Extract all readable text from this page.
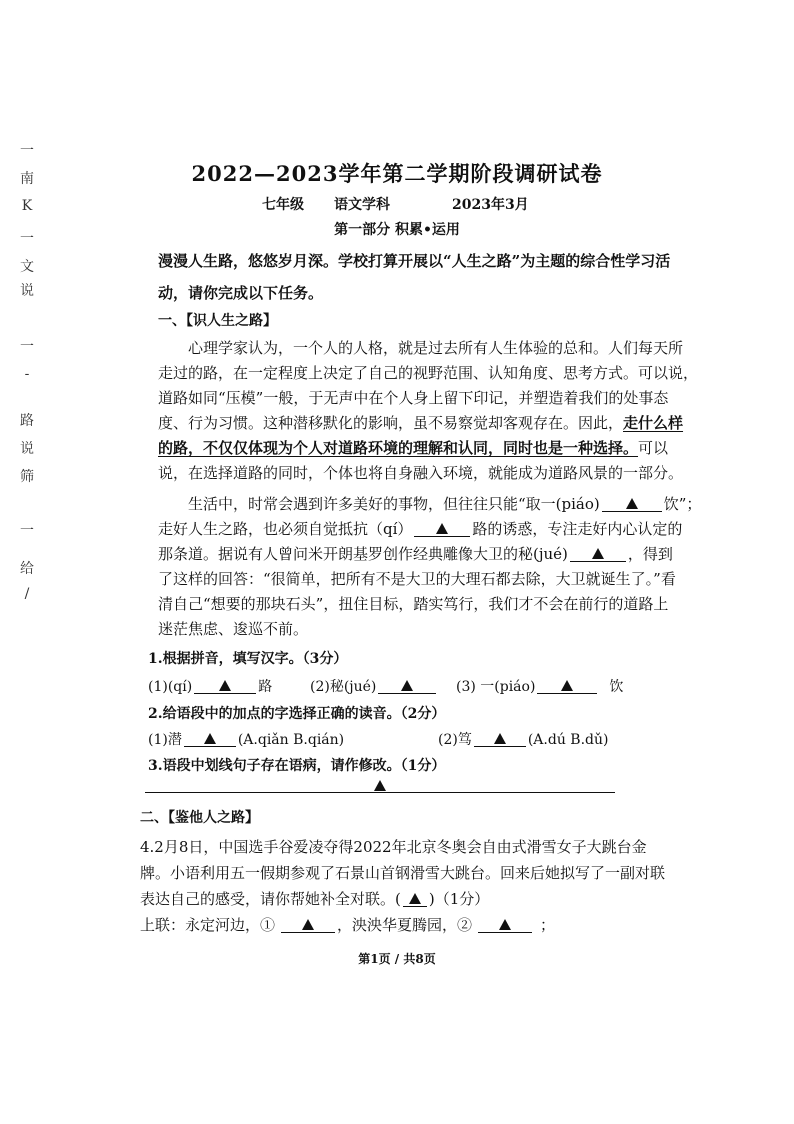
一
南
K
一
文
说
一
-
路
说
筛
一
给
/
2022—2023学年第二学期阶段调研试卷
七年级 语文学科	2023年3月
第一部分 积累•运用
漫漫人生路，悠悠岁月深。学校打算开展以“人生之路”为主题的综合性学习活
动，请你完成以下任务。
一、【识人生之路】
心理学家认为，一个人的人格，就是过去所有人生体验的总和。人们每天所
走过的路，在一定程度上决定了自己的视野范围、认知角度、思考方式。可以说，
道路如同“压模”一般，于无声中在个人身上留下印记，并塑造着我们的处事态
度、行为习惯。这种潜移默化的影响，虽不易察觉却客观存在。因此，走什么样
的路，不仅仅体现为个人对道路环境的理解和认同，同时也是一种选择。可以
说，在选择道路的同时，个体也将自身融入环境，就能成为道路风景的一部分。
生活中，时常会遇到许多美好的事物，但往往只能“取一(piáo)	饮”；
走好人生之路，也必须自觉抵抗（qí）	路的诱惑，专注走好内心认定的
那条道。据说有人曾问米开朗基罗创作经典雕像大卫的秘(jué)	，得到
了这样的回答：“很简单，把所有不是大卫的大理石都去除，大卫就诞生了。”看
清自己“想要的那块石头”，扭住目标，踏实笃行，我们才不会在前行的道路上
迷茫焦虑、逡巡不前。
1.根据拼音，填写汉字。（3分）
(1)(qí)	路	(2)秘(jué)	(3) 一(piáo)	饮
2.给语段中的加点的字选择正确的读音。（2分）
(1)潜	(A.qiǎn B.qián)	(2)笃	(A.dú B.dǔ)
3.语段中划线句子存在语病，请作修改。（1分）
二、【鉴他人之路】
4.2月8日，中国选手谷爱凌夺得2022年北京冬奥会自由式滑雪女子大跳台金
牌。小语利用五一假期参观了石景山首钢滑雪大跳台。回来后她拟写了一副对联
表达自己的感受，请你帮她补全对联。( )（1分）
上联：永定河边，①	，泱泱华夏腾园，②	；
第1页 / 共8页
